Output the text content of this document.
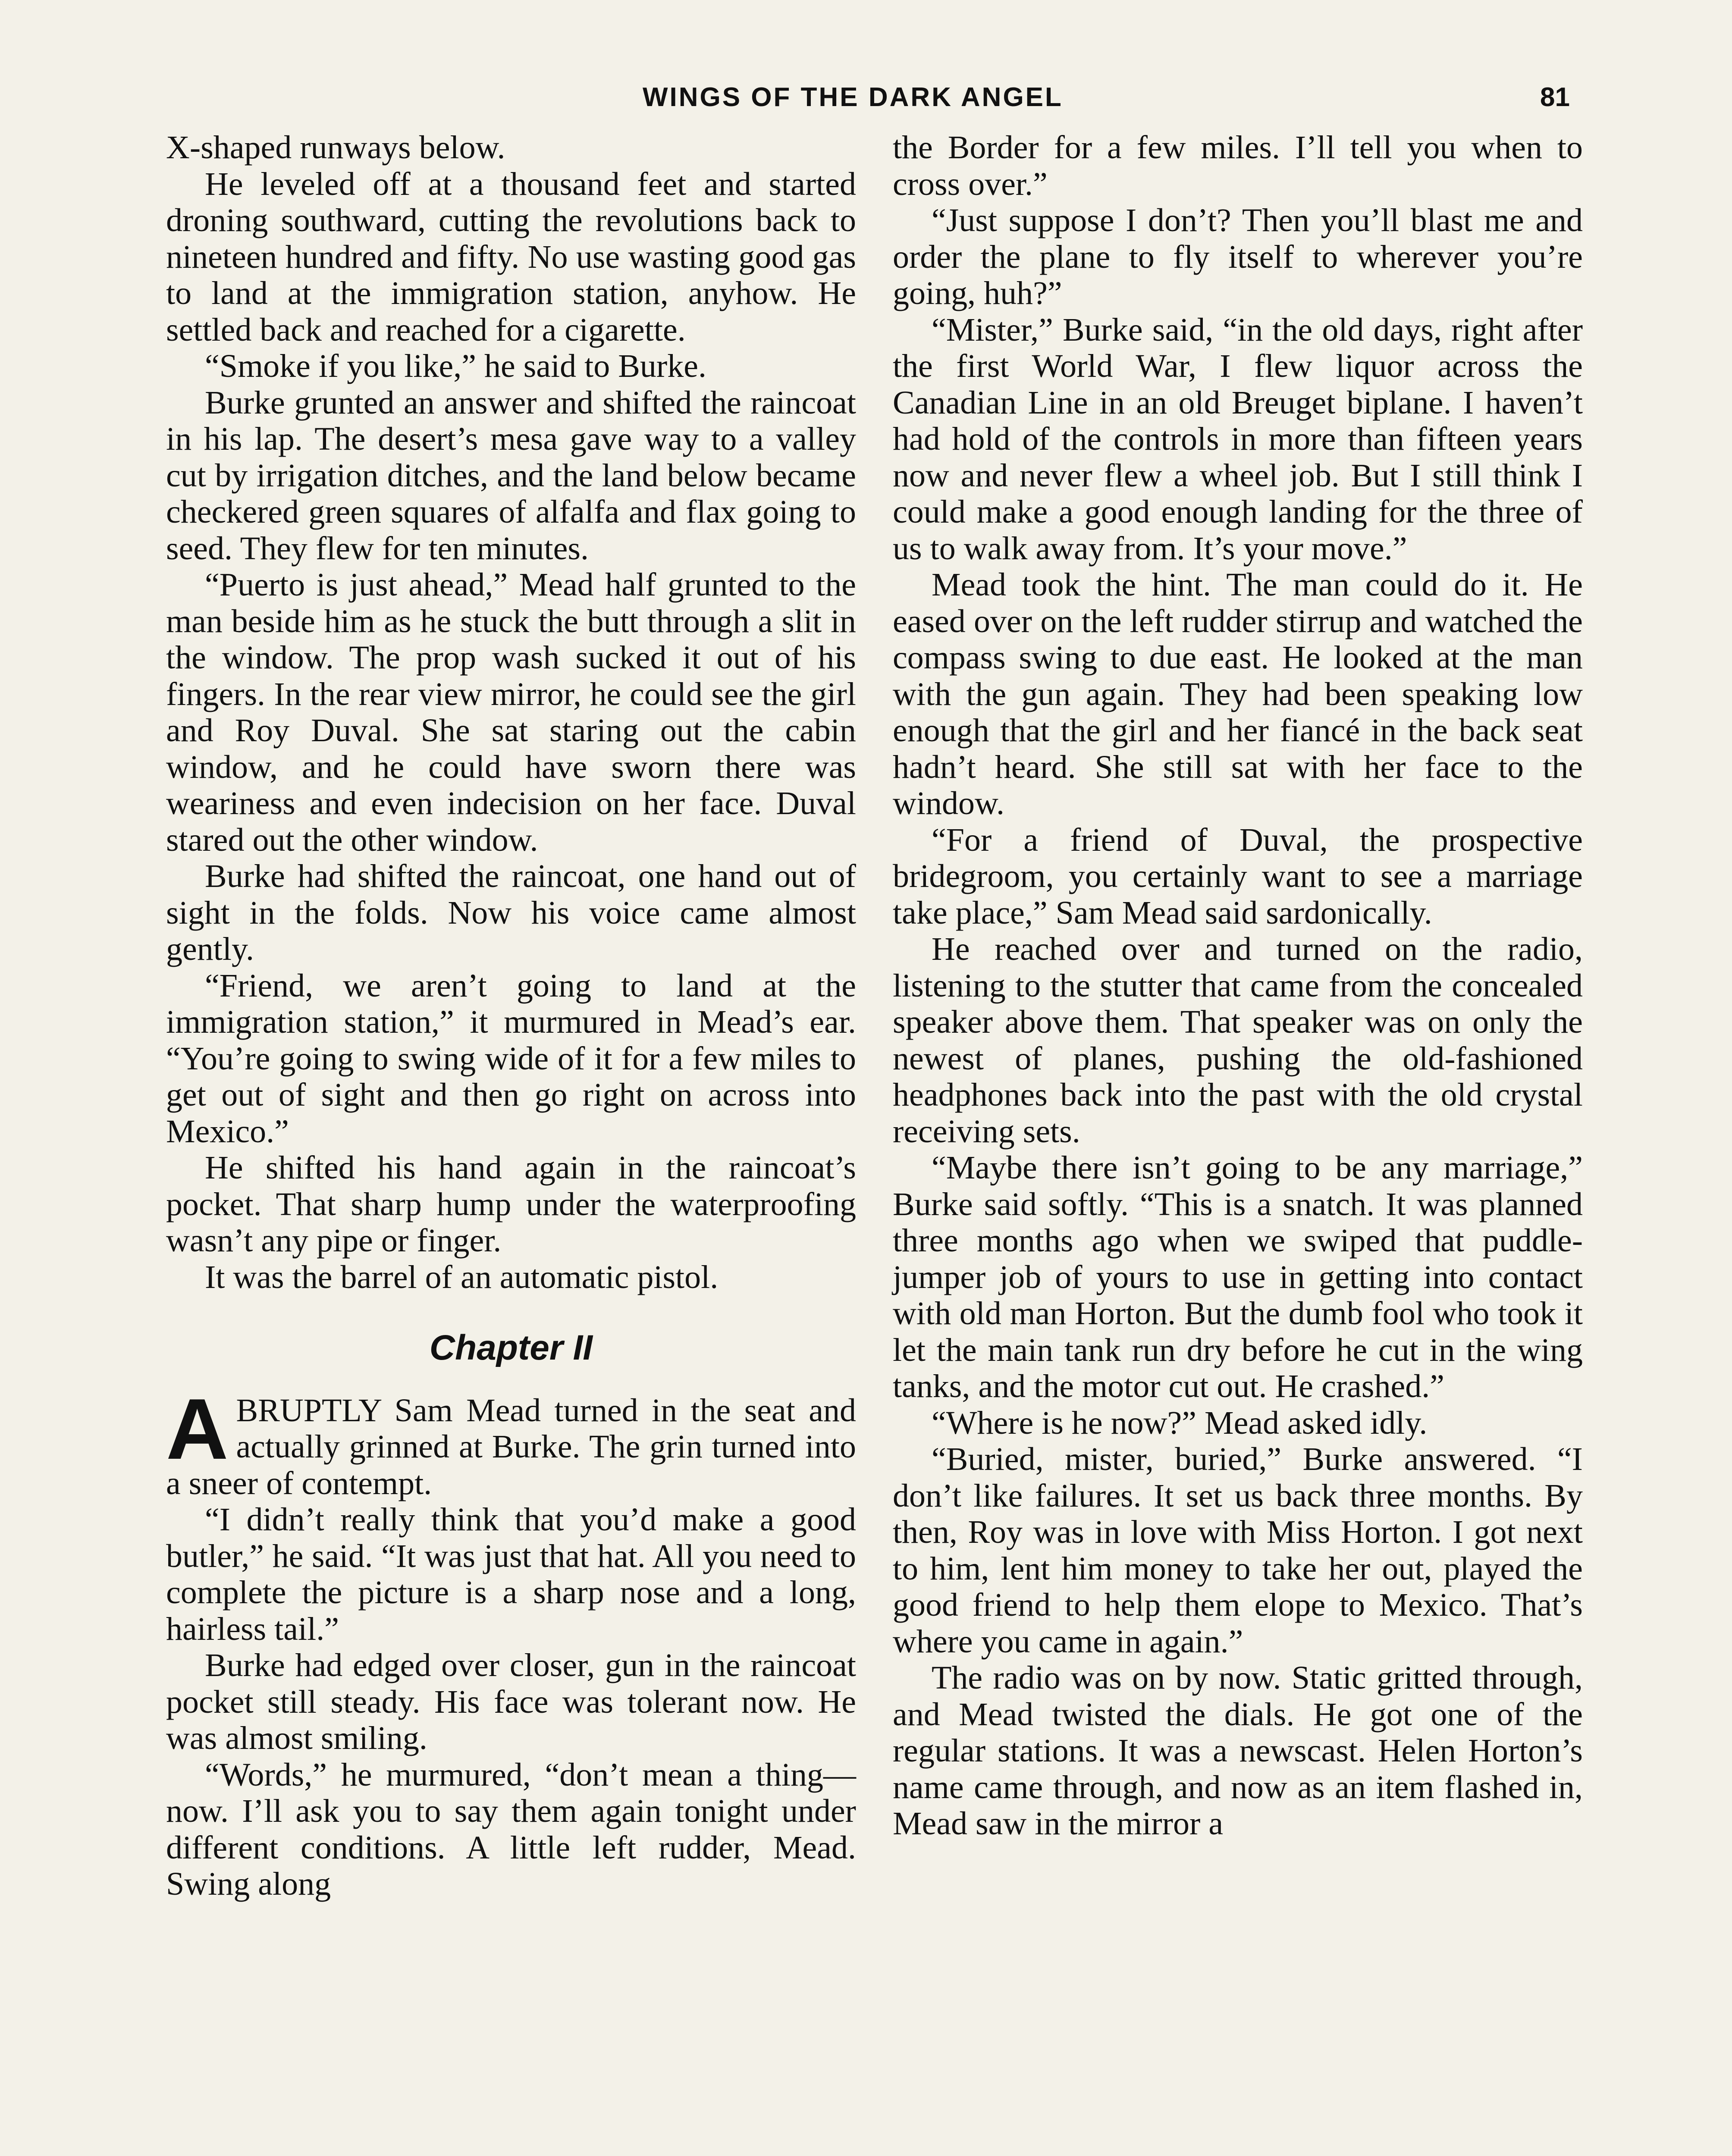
WINGS OF THE DARK ANGEL	81

X-shaped runways below.

He leveled off at a thousand feet and started droning southward, cutting the revolutions back to nineteen hundred and fifty. No use wasting good gas to land at the immigration station, anyhow. He settled back and reached for a cigarette.

“Smoke if you like,” he said to Burke.

Burke grunted an answer and shifted the raincoat in his lap. The desert’s mesa gave way to a valley cut by irrigation ditches, and the land below became checkered green squares of alfalfa and flax going to seed. They flew for ten minutes.

“Puerto is just ahead,” Mead half grunted to the man beside him as he stuck the butt through a slit in the window. The prop wash sucked it out of his fingers. In the rear view mirror, he could see the girl and Roy Duval. She sat staring out the cabin window, and he could have sworn there was weariness and even indecision on her face. Duval stared out the other window.

Burke had shifted the raincoat, one hand out of sight in the folds. Now his voice came almost gently.

“Friend, we aren’t going to land at the immigration station,” it murmured in Mead’s ear. “You’re going to swing wide of it for a few miles to get out of sight and then go right on across into Mexico.”

He shifted his hand again in the raincoat’s pocket. That sharp hump under the waterproofing wasn’t any pipe or finger.

It was the barrel of an automatic pistol.

Chapter II

ABRUPTLY Sam Mead turned in the seat and actually grinned at Burke. The grin turned into a sneer of contempt.

“I didn’t really think that you’d make a good butler,” he said. “It was just that hat. All you need to complete the picture is a sharp nose and a long, hairless tail.”

Burke had edged over closer, gun in the raincoat pocket still steady. His face was tolerant now. He was almost smiling.

“Words,” he murmured, “don’t mean a thing—now. I’ll ask you to say them again tonight under different conditions. A little left rudder, Mead. Swing along

the Border for a few miles. I’ll tell you when to cross over.”

“Just suppose I don’t? Then you’ll blast me and order the plane to fly itself to wherever you’re going, huh?”

“Mister,” Burke said, “in the old days, right after the first World War, I flew liquor across the Canadian Line in an old Breuget biplane. I haven’t had hold of the controls in more than fifteen years now and never flew a wheel job. But I still think I could make a good enough landing for the three of us to walk away from. It’s your move.”

Mead took the hint. The man could do it. He eased over on the left rudder stirrup and watched the compass swing to due east. He looked at the man with the gun again. They had been speaking low enough that the girl and her fiancé in the back seat hadn’t heard. She still sat with her face to the window.

“For a friend of Duval, the prospective bridegroom, you certainly want to see a marriage take place,” Sam Mead said sardonically.

He reached over and turned on the radio, listening to the stutter that came from the concealed speaker above them. That speaker was on only the newest of planes, pushing the old-fashioned headphones back into the past with the old crystal receiving sets.

“Maybe there isn’t going to be any marriage,” Burke said softly. “This is a snatch. It was planned three months ago when we swiped that puddle-jumper job of yours to use in getting into contact with old man Horton. But the dumb fool who took it let the main tank run dry before he cut in the wing tanks, and the motor cut out. He crashed.”

“Where is he now?” Mead asked idly.

“Buried, mister, buried,” Burke answered. “I don’t like failures. It set us back three months. By then, Roy was in love with Miss Horton. I got next to him, lent him money to take her out, played the good friend to help them elope to Mexico. That’s where you came in again.”

The radio was on by now. Static gritted through, and Mead twisted the dials. He got one of the regular stations. It was a newscast. Helen Horton’s name came through, and now as an item flashed in, Mead saw in the mirror a
